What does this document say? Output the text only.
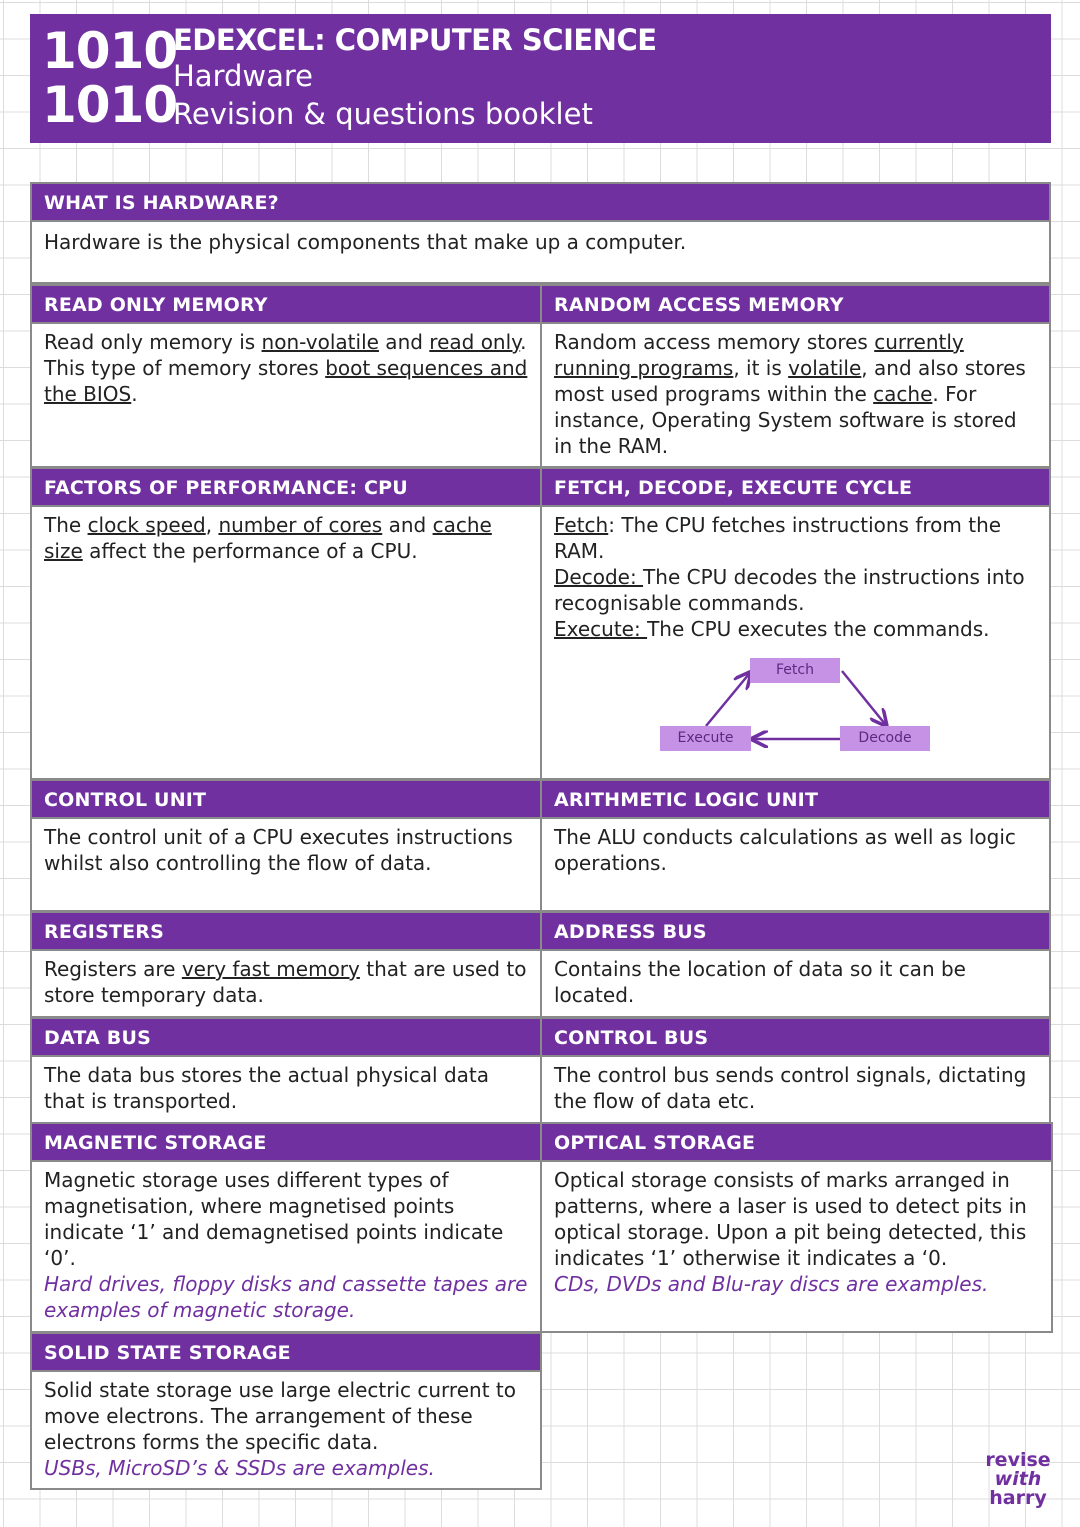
1010
1010
EDEXCEL: COMPUTER SCIENCE
Hardware
Revision & questions booklet
WHAT IS HARDWARE?
Hardware is the physical components that make up a computer.
READ ONLY MEMORY
Read only memory is non-volatile and read only. This type of memory stores boot sequences and the BIOS.
RANDOM ACCESS MEMORY
Random access memory stores currently running programs, it is volatile, and also stores most used programs within the cache. For instance, Operating System software is stored in the RAM.
FACTORS OF PERFORMANCE: CPU
The clock speed, number of cores and cache size affect the performance of a CPU.
FETCH, DECODE, EXECUTE CYCLE
Fetch: The CPU fetches instructions from the RAM.
Decode: The CPU decodes the instructions into recognisable commands.
Execute: The CPU executes the commands.
Fetch
Execute	Decode
CONTROL UNIT
The control unit of a CPU executes instructions whilst also controlling the flow of data.
ARITHMETIC LOGIC UNIT
The ALU conducts calculations as well as logic operations.
REGISTERS
Registers are very fast memory that are used to store temporary data.
ADDRESS BUS
Contains the location of data so it can be located.
DATA BUS
The data bus stores the actual physical data that is transported.
CONTROL BUS
The control bus sends control signals, dictating the flow of data etc.
MAGNETIC STORAGE
Magnetic storage uses different types of magnetisation, where magnetised points indicate ‘1’ and demagnetised points indicate ‘0’.
Hard drives, floppy disks and cassette tapes are examples of magnetic storage.
OPTICAL STORAGE
Optical storage consists of marks arranged in patterns, where a laser is used to detect pits in optical storage. Upon a pit being detected, this indicates ‘1’ otherwise it indicates a ‘0.
CDs, DVDs and Blu-ray discs are examples.
SOLID STATE STORAGE
Solid state storage use large electric current to move electrons. The arrangement of these electrons forms the specific data.
USBs, MicroSD’s & SSDs are examples.	revise
with
harry
